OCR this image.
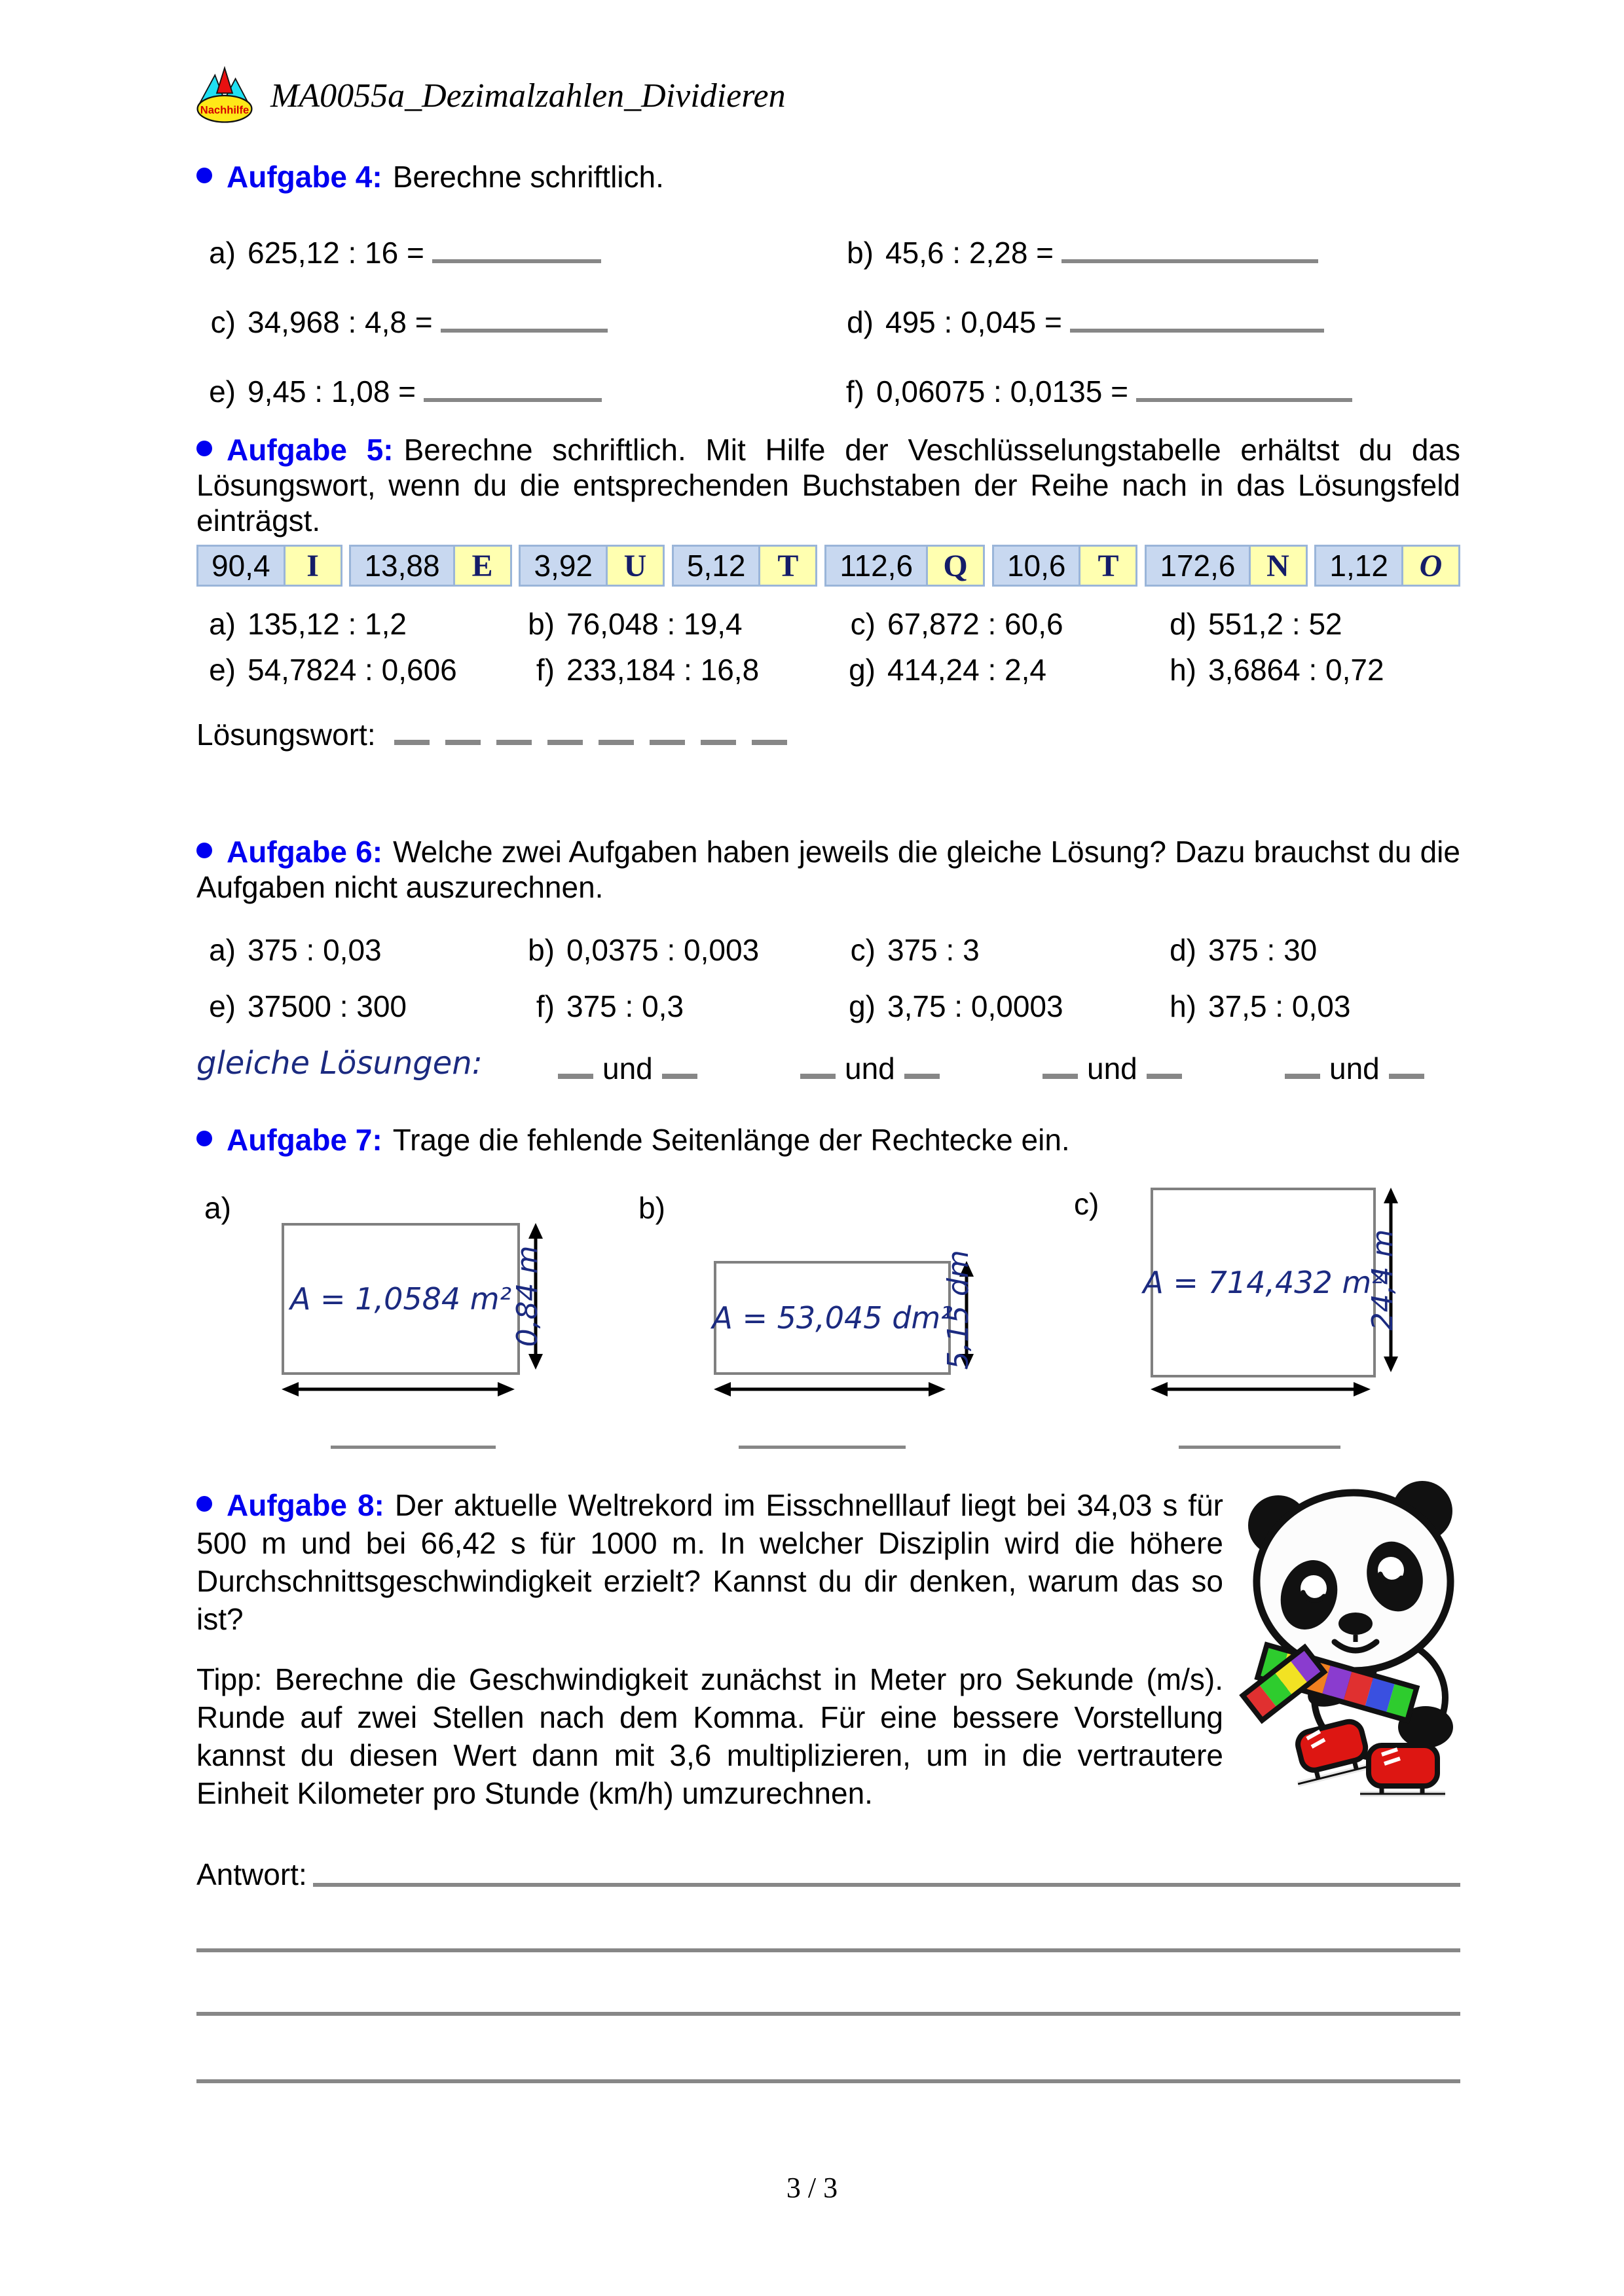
Nachhilfe MA0055a_Dezimalzahlen_Dividieren
Aufgabe 4: Berechne schriftlich.
a) 625,12 : 16 =	b) 45,6 : 2,28 =
c) 34,968 : 4,8 =	d) 495 : 0,045 =
e) 9,45 : 1,08 =	f) 0,06075 : 0,0135 =
Aufgabe 5: Berechne schriftlich. Mit Hilfe der Veschlüsselungstabelle erhältst du das Lösungswort, wenn du die entsprechenden Buchstaben der Reihe nach in das Lösungsfeld einträgst.
90,4	I	13,88	E	3,92 U	5,12	T	112,6 Q	10,6	T	172,6 N	1,12 O
a) 135,12 : 1,2	b) 76,048 : 19,4	c) 67,872 : 60,6	d) 551,2 : 52
e) 54,7824 : 0,606	f) 233,184 : 16,8	g) 414,24 : 2,4	h) 3,6864 : 0,72
Lösungswort:
Aufgabe 6: Welche zwei Aufgaben haben jeweils die gleiche Lösung? Dazu brauchst du die Aufgaben nicht auszurechnen.
a) 375 : 0,03	b) 0,0375 : 0,003	c) 375 : 3	d) 375 : 30
e) 37500 : 300	f) 375 : 0,3	g) 3,75 : 0,0003	h) 37,5 : 0,03
gleiche Lösungen:	und	und	und	und
Aufgabe 7: Trage die fehlende Seitenlänge der Rechtecke ein.
a)
A = 1,0584 m²
0,84 m
b)
A = 53,045 dm²
5,15 dm
c)
A = 714,432 m²
24,4 m
Aufgabe 8: Der aktuelle Weltrekord im Eisschnelllauf liegt bei 34,03 s für 500 m und bei 66,42 s für 1000 m. In welcher Disziplin wird die höhere Durchschnittsgeschwindigkeit erzielt? Kannst du dir denken, warum das so ist?
Tipp: Berechne die Geschwindigkeit zunächst in Meter pro Sekunde (m/s). Runde auf zwei Stellen nach dem Komma. Für eine bessere Vorstellung kannst du diesen Wert dann mit 3,6 multiplizieren, um in die vertrautere Einheit Kilometer pro Stunde (km/h) umzurechnen.
Antwort:
3 / 3
